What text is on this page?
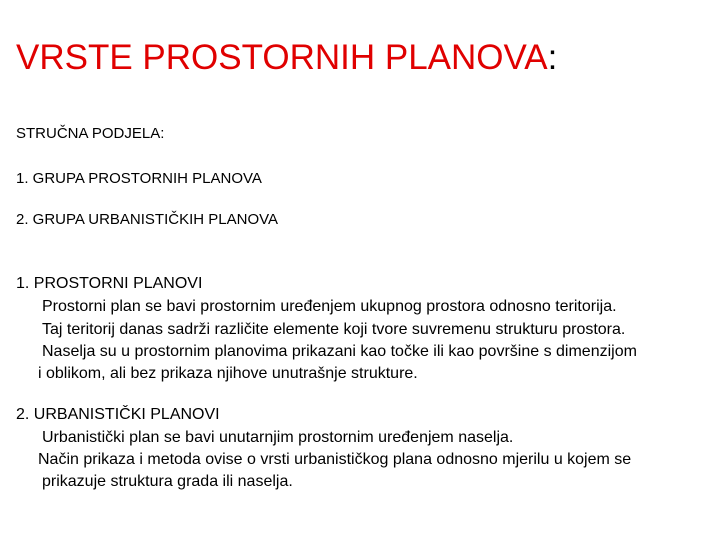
VRSTE PROSTORNIH PLANOVA:
STRUČNA PODJELA:
1. GRUPA PROSTORNIH PLANOVA
2. GRUPA URBANISTIČKIH PLANOVA
1. PROSTORNI PLANOVI
Prostorni plan se bavi prostornim uređenjem ukupnog prostora odnosno teritorija.
Taj teritorij danas sadrži različite elemente koji tvore suvremenu strukturu prostora.
Naselja su u prostornim planovima prikazani kao točke ili kao površine s dimenzijom
i oblikom, ali bez prikaza njihove unutrašnje strukture.
2. URBANISTIČKI PLANOVI
Urbanistički plan se bavi unutarnjim prostornim uređenjem naselja.
Način prikaza i metoda ovise o vrsti urbanističkog plana odnosno mjerilu u kojem se
prikazuje struktura grada ili naselja.
